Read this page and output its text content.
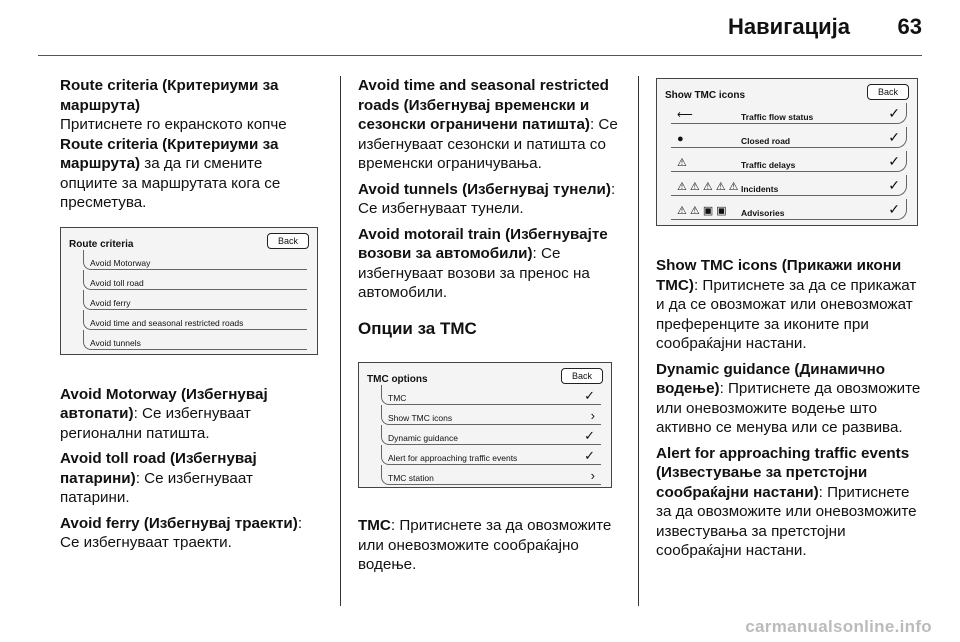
Навигација 63

Route criteria (Критериуми за маршрута)
Притиснете го екранското копче Route criteria (Критериуми за маршрута) за да ги смените опциите за маршрутата кога се пресметува.

Route criteria	Back
Avoid Motorway
Avoid toll road
Avoid ferry
Avoid time and seasonal restricted roads
Avoid tunnels

Avoid Motorway (Избегнувај автопати): Се избегнуваат регионални патишта.

Avoid toll road (Избегнувај патарини): Се избегнуваат патарини.

Avoid ferry (Избегнувај траекти): Се избегнуваат траекти.

Avoid time and seasonal restricted roads (Избегнувај временски и сезонски ограничени патишта): Се избегнуваат сезонски и патишта со временски ограничувања.

Avoid tunnels (Избегнувај тунели): Се избегнуваат тунели.

Avoid motorail train (Избегнувајте возови за автомобили): Се избегнуваат возови за пренос на автомобили.

Опции за TMC
TMC options	Back
TMC	✓
Show TMC icons	›
Dynamic guidance	✓
Alert for approaching traffic events	✓
TMC station	›

TMC: Притиснете за да овозможите или оневозможите сообраќајно водење.

Show TMC icons	Back
⟵	Traffic flow status	✓
●	Closed road	✓
⚠	Traffic delays	✓
⚠ ⚠ ⚠ ⚠ ⚠ Incidents	✓
⚠ ⚠ ▣ ▣ Advisories	✓

Show TMC icons (Прикажи икони TMC): Притиснете за да се прикажат и да се овозможат или оневозможат преференците за иконите при сообраќајни настани.

Dynamic guidance (Динамично водење): Притиснете да овозможите или оневозможите водење што активно се менува или се развива.

Alert for approaching traffic events (Известување за претстојни сообраќајни настани): Притиснете за да овозможите или оневозможите известувања за претстојни сообраќајни настани.

carmanualsonline.info
